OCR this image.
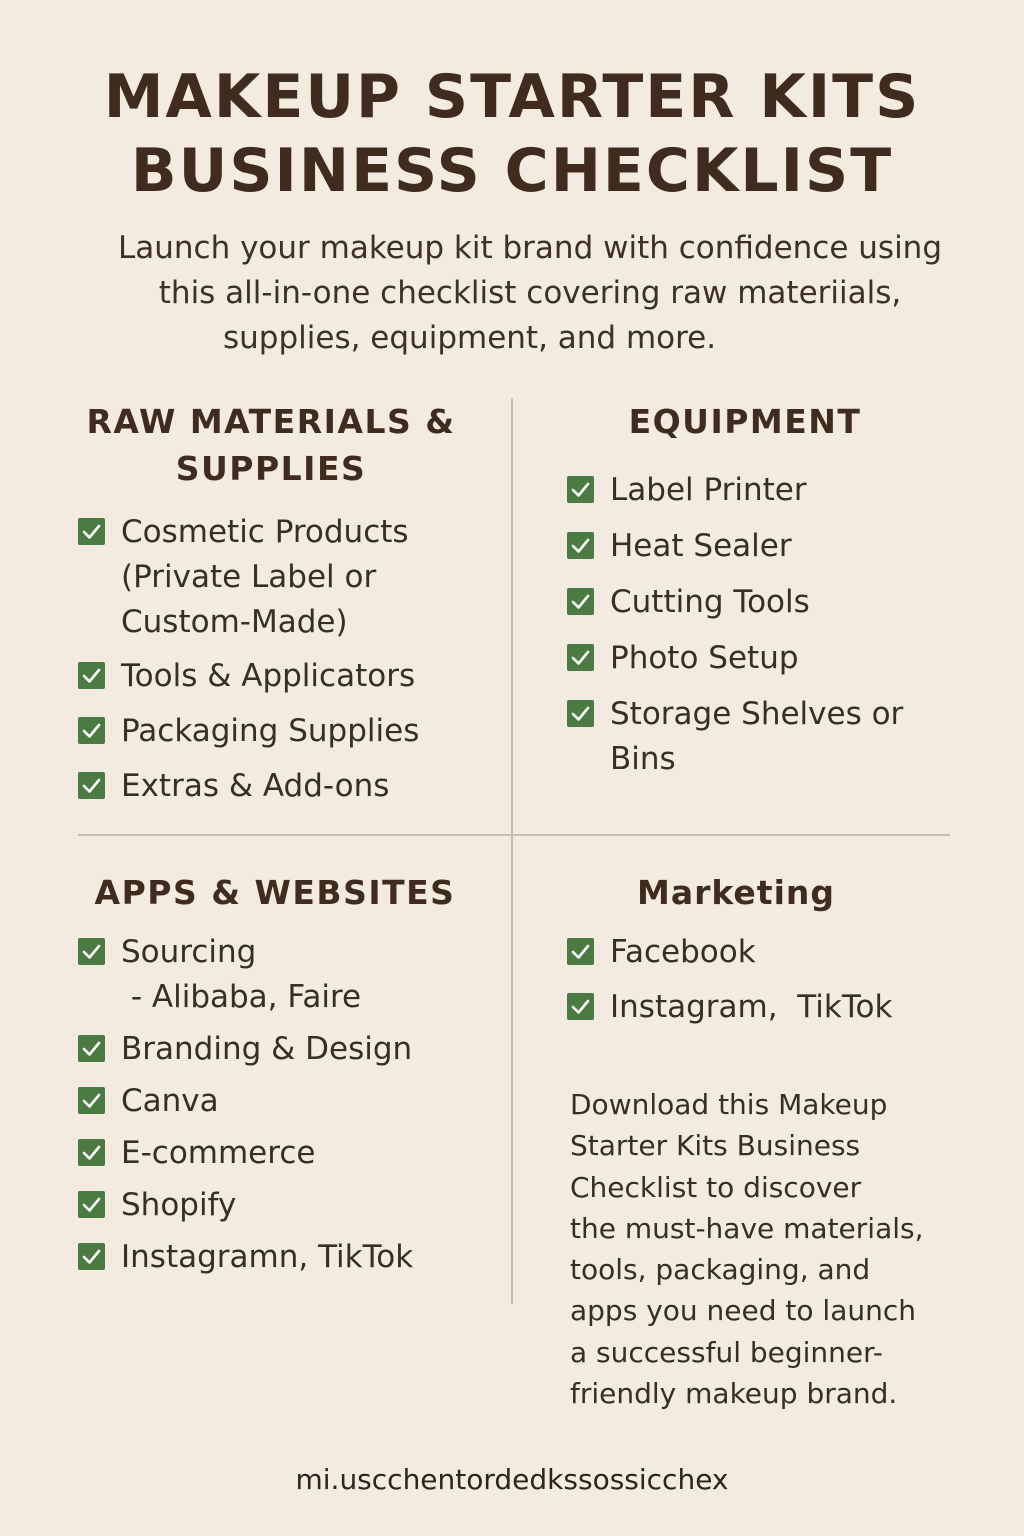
MAKEUP STARTER KITS
BUSINESS CHECKLIST

Launch your makeup kit brand with confidence using
this all-in-one checklist covering raw materiials,
supplies, equipment, and more.

RAW MATERIALS &
SUPPLIES
Cosmetic Products
(Private Label or
Custom-Made)
Tools & Applicators
Packaging Supplies
Extras & Add-ons
EQUIPMENT
Label Printer
Heat Sealer
Cutting Tools
Photo Setup
Storage Shelves or
Bins
APPS & WEBSITES
Sourcing
- Alibaba, Faire
Branding & Design
Canva
E-commerce
Shopify
Instagramn, TikTok
Marketing
Facebook
Instagram,  TikTok
Download this Makeup
Starter Kits Business
Checklist to discover
the must-have materials,
tools, packaging, and
apps you need to launch
a successful beginner-
friendly makeup brand.
mi.uscchentordedkssossicchex
